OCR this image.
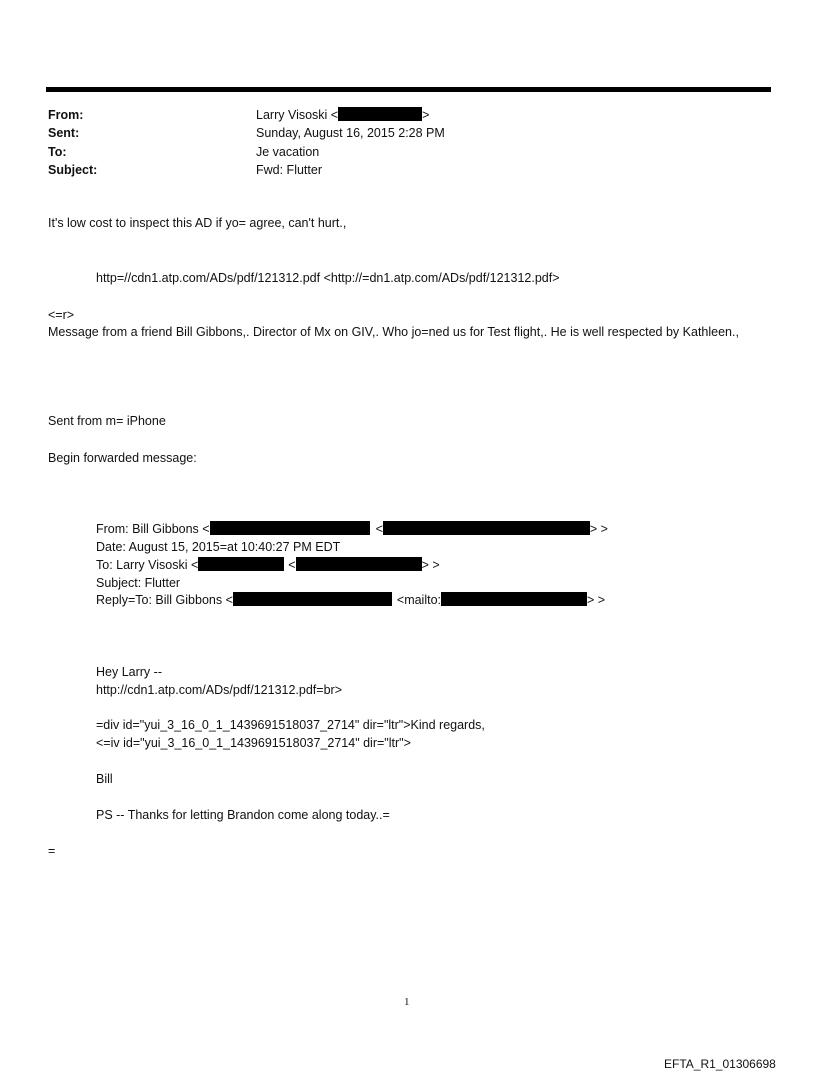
From:	Larry Visoski <	>
Sent:	Sunday, August 16, 2015 2:28 PM
To:	Je vacation
Subject:	Fwd: Flutter
It's low cost to inspect this AD if yo= agree, can't hurt.,
http=//cdn1.atp.com/ADs/pdf/121312.pdf <http://=dn1.atp.com/ADs/pdf/121312.pdf>
<=r>
Message from a friend Bill Gibbons,. Director of Mx on GIV,. Who jo=ned us for Test flight,. He is well respected by Kathleen.,
Sent from m= iPhone
Begin forwarded message:
From: Bill Gibbons <	<	> >
Date: August 15, 2015=at 10:40:27 PM EDT
To: Larry Visoski <	<	> >
Subject: Flutter
Reply=To: Bill Gibbons <	<mailto:	> >
Hey Larry --
http://cdn1.atp.com/ADs/pdf/121312.pdf=br>
=div id="yui_3_16_0_1_1439691518037_2714" dir="ltr">Kind regards,
<=iv id="yui_3_16_0_1_1439691518037_2714" dir="ltr">
Bill
PS -- Thanks for letting Brandon come along today..=
=
1
EFTA_R1_01306698
